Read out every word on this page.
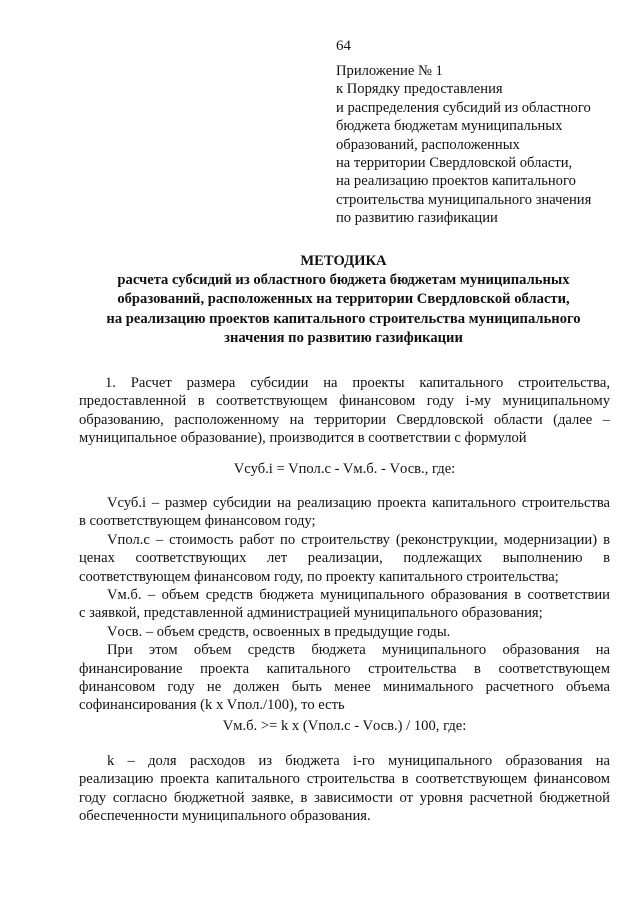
64
Приложение № 1
к Порядку предоставления
и распределения субсидий из областного
бюджета бюджетам муниципальных
образований, расположенных
на территории Свердловской области,
на реализацию проектов капитального
строительства муниципального значения
по развитию газификации
МЕТОДИКА
расчета субсидий из областного бюджета бюджетам муниципальных
образований, расположенных на территории Свердловской области,
на реализацию проектов капитального строительства муниципального
значения по развитию газификации
1. Расчет размера субсидии на проекты капитального строительства,
предоставленной в соответствующем финансовом году i-му муниципальному
образованию, расположенному на территории Свердловской области (далее –
муниципальное образование), производится в соответствии с формулой
Vсуб.i = Vпол.c - Vм.б. - Vосв., где:
Vсуб.i – размер субсидии на реализацию проекта капитального строительства
в соответствующем финансовом году;
Vпол.c – стоимость работ по строительству (реконструкции, модернизации) в
ценах соответствующих лет реализации, подлежащих выполнению в
соответствующем финансовом году, по проекту капитального строительства;
Vм.б. – объем средств бюджета муниципального образования в соответствии
с заявкой, представленной администрацией муниципального образования;
Vосв. – объем средств, освоенных в предыдущие годы.
При этом объем средств бюджета муниципального образования на
финансирование проекта капитального строительства в соответствующем
финансовом году не должен быть менее минимального расчетного объема
софинансирования (k x Vпол./100), то есть
Vм.б. >= k x (Vпол.c - Vосв.) / 100, где:
k – доля расходов из бюджета i-го муниципального образования на
реализацию проекта капитального строительства в соответствующем финансовом
году согласно бюджетной заявке, в зависимости от уровня расчетной бюджетной
обеспеченности муниципального образования.
